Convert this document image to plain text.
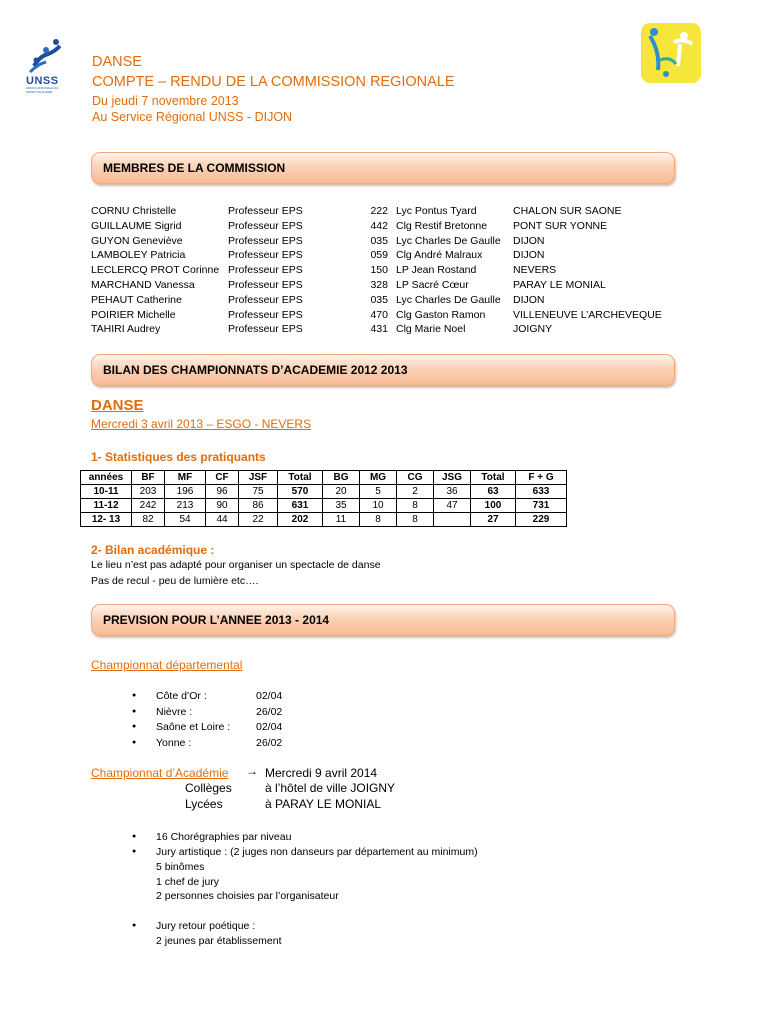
UNSS
UNION NATIONALE DU SPORT SCOLAIRE
DANSE
COMPTE – RENDU DE LA COMMISSION REGIONALE
Du jeudi 7 novembre 2013
Au Service Régional UNSS - DIJON
MEMBRES DE LA COMMISSION
CORNU Christelle	Professeur EPS	222 Lyc Pontus Tyard	CHALON SUR SAONE
GUILLAUME Sigrid	Professeur EPS	442 Clg Restif Bretonne	PONT SUR YONNE
GUYON Geneviève	Professeur EPS	035 Lyc Charles De Gaulle	DIJON
LAMBOLEY Patricia	Professeur EPS	059 Clg André Malraux	DIJON
LECLERCQ PROT Corinne Professeur EPS	150 LP Jean Rostand	NEVERS
MARCHAND Vanessa	Professeur EPS	328 LP Sacré Cœur	PARAY LE MONIAL
PEHAUT Catherine	Professeur EPS	035 Lyc Charles De Gaulle	DIJON
POIRIER Michelle	Professeur EPS	470 Clg Gaston Ramon	VILLENEUVE L’ARCHEVEQUE
TAHIRI Audrey	Professeur EPS	431 Clg Marie Noel	JOIGNY
BILAN DES CHAMPIONNATS D’ACADEMIE 2012 2013
DANSE
Mercredi 3 avril 2013 – ESGO - NEVERS
1- Statistiques des pratiquants
années	BF	MF	CF	JSF	Total	BG	MG	CG	JSG	Total	F + G
10-11	203	196	96	75	570	20	5	2	36	63	633
11-12	242	213	90	86	631	35	10	8	47	100	731
12- 13	82	54	44	22	202	11	8	8		27	229
2- Bilan académique :
Le lieu n’est pas adapté pour organiser un spectacle de danse
Pas de recul - peu de lumière etc….
PREVISION POUR L’ANNEE 2013 - 2014
Championnat départemental
● Côte d’Or :	02/04
● Nièvre :	26/02
● Saône et Loire : 02/04
● Yonne :	26/02
Championnat d’Académie → Mercredi 9 avril 2014
Collèges	à l’hôtel de ville JOIGNY
Lycées	à PARAY LE MONIAL
● 16 Chorégraphies par niveau
● Jury artistique : (2 juges non danseurs par département au minimum)
5 binômes
1 chef de jury
2 personnes choisies par l’organisateur
● Jury retour poétique :
2 jeunes par établissement
